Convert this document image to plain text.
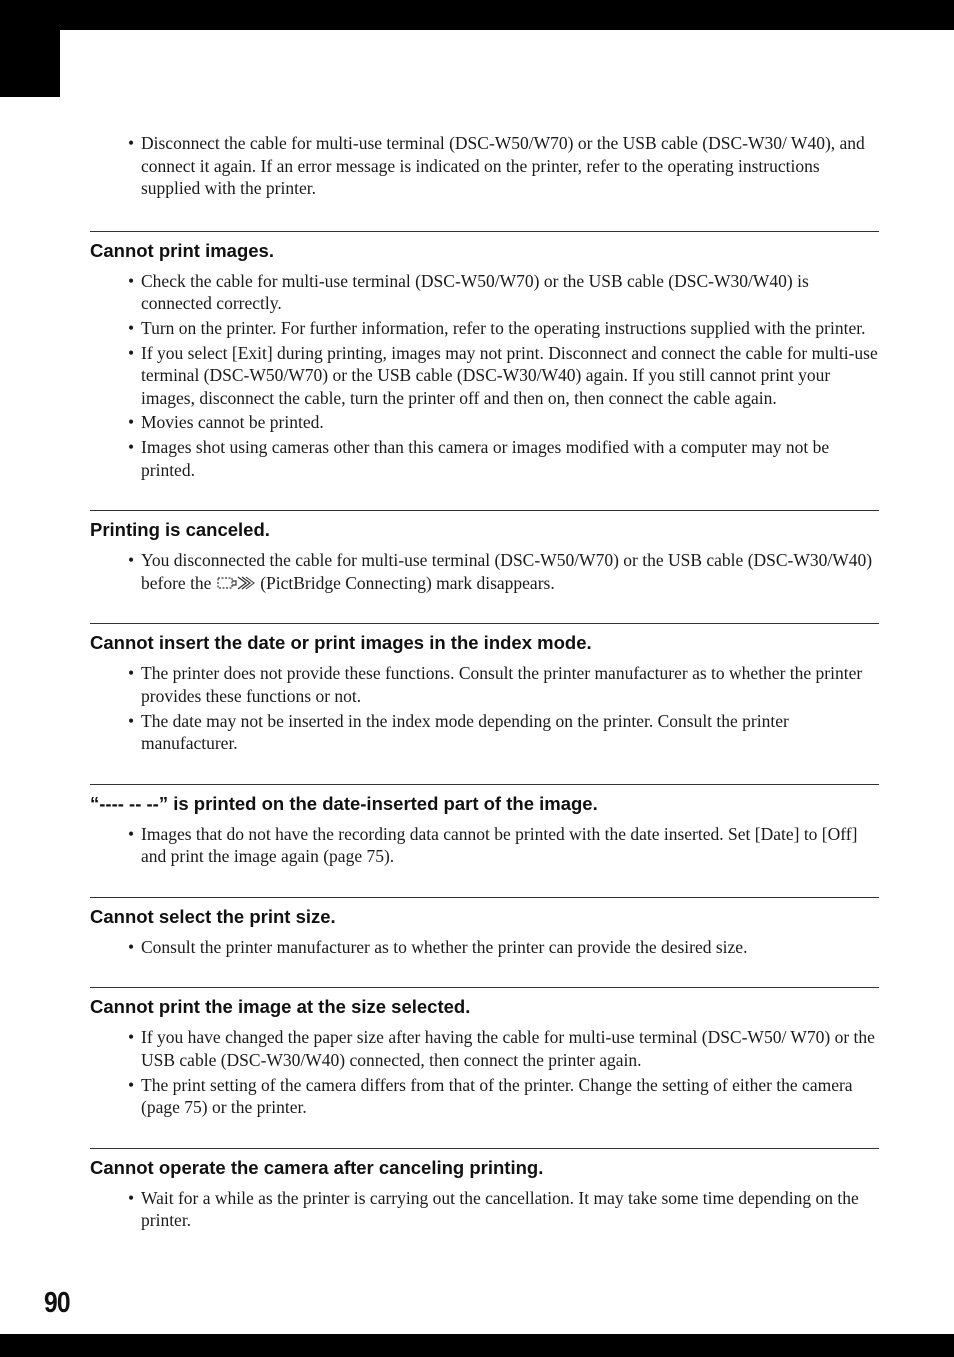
• Disconnect the cable for multi-use terminal (DSC-W50/W70) or the USB cable (DSC-W30/ W40), and connect it again. If an error message is indicated on the printer, refer to the operating instructions supplied with the printer.
Cannot print images.
• Check the cable for multi-use terminal (DSC-W50/W70) or the USB cable (DSC-W30/W40) is connected correctly.
• Turn on the printer. For further information, refer to the operating instructions supplied with the printer.
• If you select [Exit] during printing, images may not print. Disconnect and connect the cable for multi-use terminal (DSC-W50/W70) or the USB cable (DSC-W30/W40) again. If you still cannot print your images, disconnect the cable, turn the printer off and then on, then connect the cable again.
• Movies cannot be printed.
• Images shot using cameras other than this camera or images modified with a computer may not be printed.
Printing is canceled.
• You disconnected the cable for multi-use terminal (DSC-W50/W70) or the USB cable (DSC-W30/W40) before the	(PictBridge Connecting) mark disappears.
Cannot insert the date or print images in the index mode.
• The printer does not provide these functions. Consult the printer manufacturer as to whether the printer provides these functions or not.
• The date may not be inserted in the index mode depending on the printer. Consult the printer manufacturer.
“---- -- --” is printed on the date-inserted part of the image.
• Images that do not have the recording data cannot be printed with the date inserted. Set [Date] to [Off] and print the image again (page 75).
Cannot select the print size.
• Consult the printer manufacturer as to whether the printer can provide the desired size.
Cannot print the image at the size selected.
• If you have changed the paper size after having the cable for multi-use terminal (DSC-W50/ W70) or the USB cable (DSC-W30/W40) connected, then connect the printer again.
• The print setting of the camera differs from that of the printer. Change the setting of either the camera (page 75) or the printer.
Cannot operate the camera after canceling printing.
• Wait for a while as the printer is carrying out the cancellation. It may take some time depending on the printer.
90
